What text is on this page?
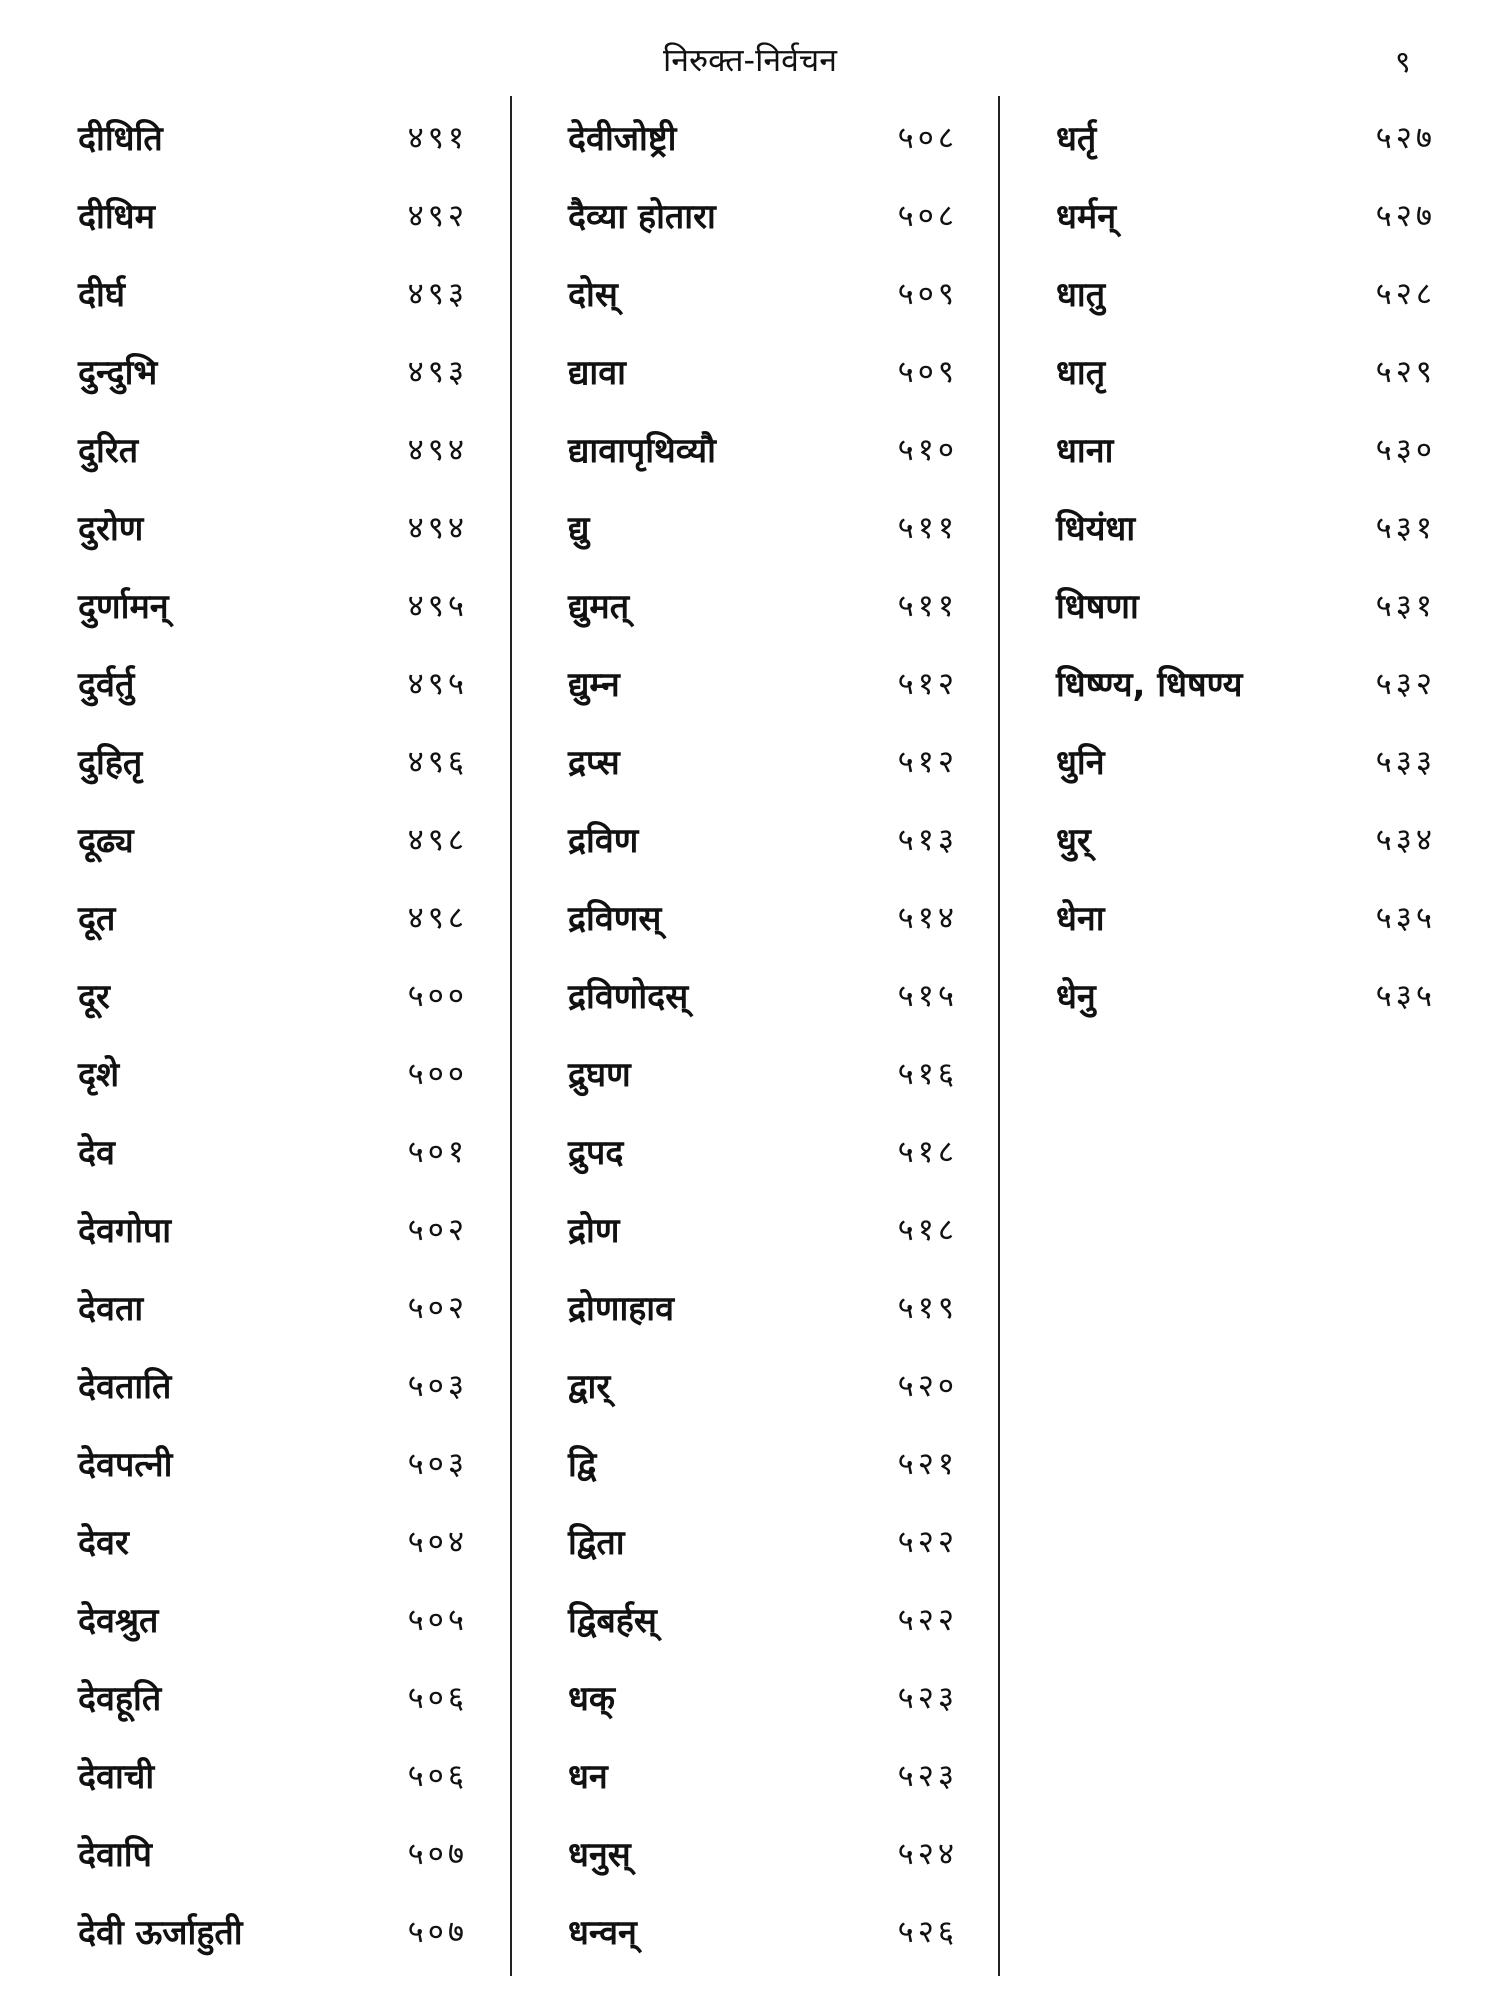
निरुक्त-निर्वचन	९
दीधिति	४९१
दीधिम	४९२
दीर्घ	४९३
दुन्दुभि	४९३
दुरित	४९४
दुरोण	४९४
दुर्णामन्	४९५
दुर्वर्तु	४९५
दुहितृ	४९६
दूढ्य	४९८
दूत	४९८
दूर	५००
दृशे	५००
देव	५०१
देवगोपा	५०२
देवता	५०२
देवताति	५०३
देवपत्नी	५०३
देवर	५०४
देवश्रुत	५०५
देवहूति	५०६
देवाची	५०६
देवापि	५०७
देवी ऊर्जाहुती	५०७
देवीजोष्ट्री	५०८
दैव्या होतारा	५०८
दोस्	५०९
द्यावा	५०९
द्यावापृथिव्यौ	५१०
द्यु	५११
द्युमत्	५११
द्युम्न	५१२
द्रप्स	५१२
द्रविण	५१३
द्रविणस्	५१४
द्रविणोदस्	५१५
द्रुघण	५१६
द्रुपद	५१८
द्रोण	५१८
द्रोणाहाव	५१९
द्वार्	५२०
द्वि	५२१
द्विता	५२२
द्विबर्हस्	५२२
धक्	५२३
धन	५२३
धनुस्	५२४
धन्वन्	५२६
धर्तृ	५२७
धर्मन्	५२७
धातु	५२८
धातृ	५२९
धाना	५३०
धियंधा	५३१
धिषणा	५३१
धिष्ण्य, धिषण्य	५३२
धुनि	५३३
धुर्	५३४
धेना	५३५
धेनु	५३५
